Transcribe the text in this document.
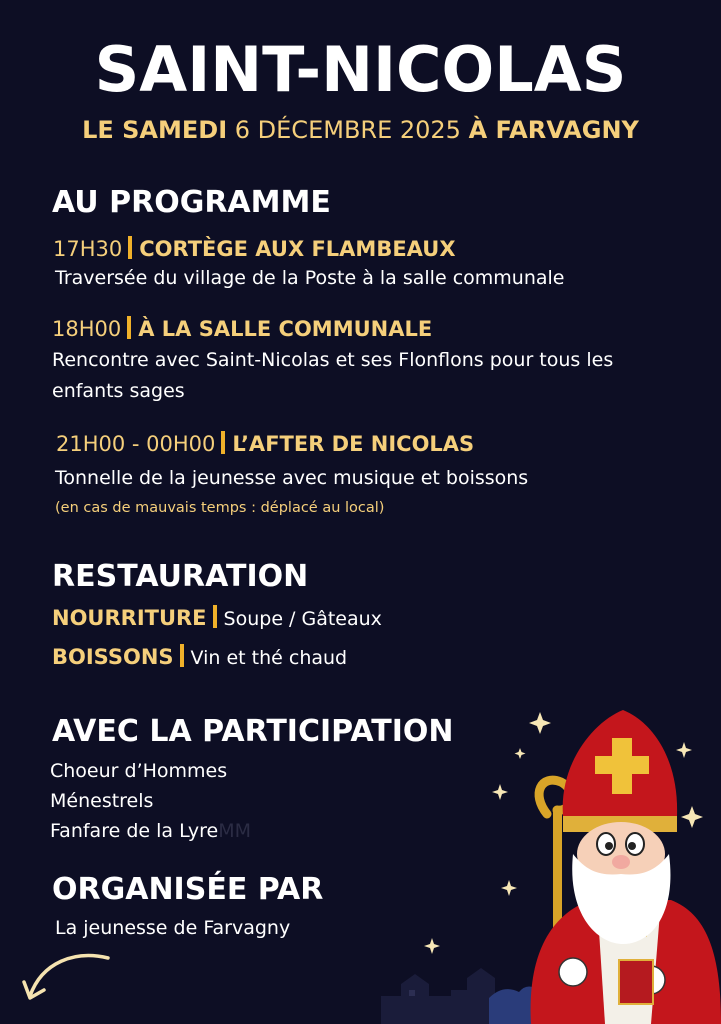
SAINT-NICOLAS
LE SAMEDI 6 DÉCEMBRE 2025 À FARVAGNY
AU PROGRAMME
17H30 CORTÈGE AUX FLAMBEAUX
Traversée du village de la Poste à la salle communale
18H00 À LA SALLE COMMUNALE
Rencontre avec Saint-Nicolas et ses Flonflons pour tous les enfants sages
21H00 - 00H00 L’AFTER DE NICOLAS
Tonnelle de la jeunesse avec musique et boissons
(en cas de mauvais temps : déplacé au local)
RESTAURATION
NOURRITURE Soupe / Gâteaux
BOISSONS Vin et thé chaud
AVEC LA PARTICIPATION
Choeur d’Hommes
Ménestrels
Fanfare de la LyreMM
ORGANISÉE PAR
La jeunesse de Farvagny
